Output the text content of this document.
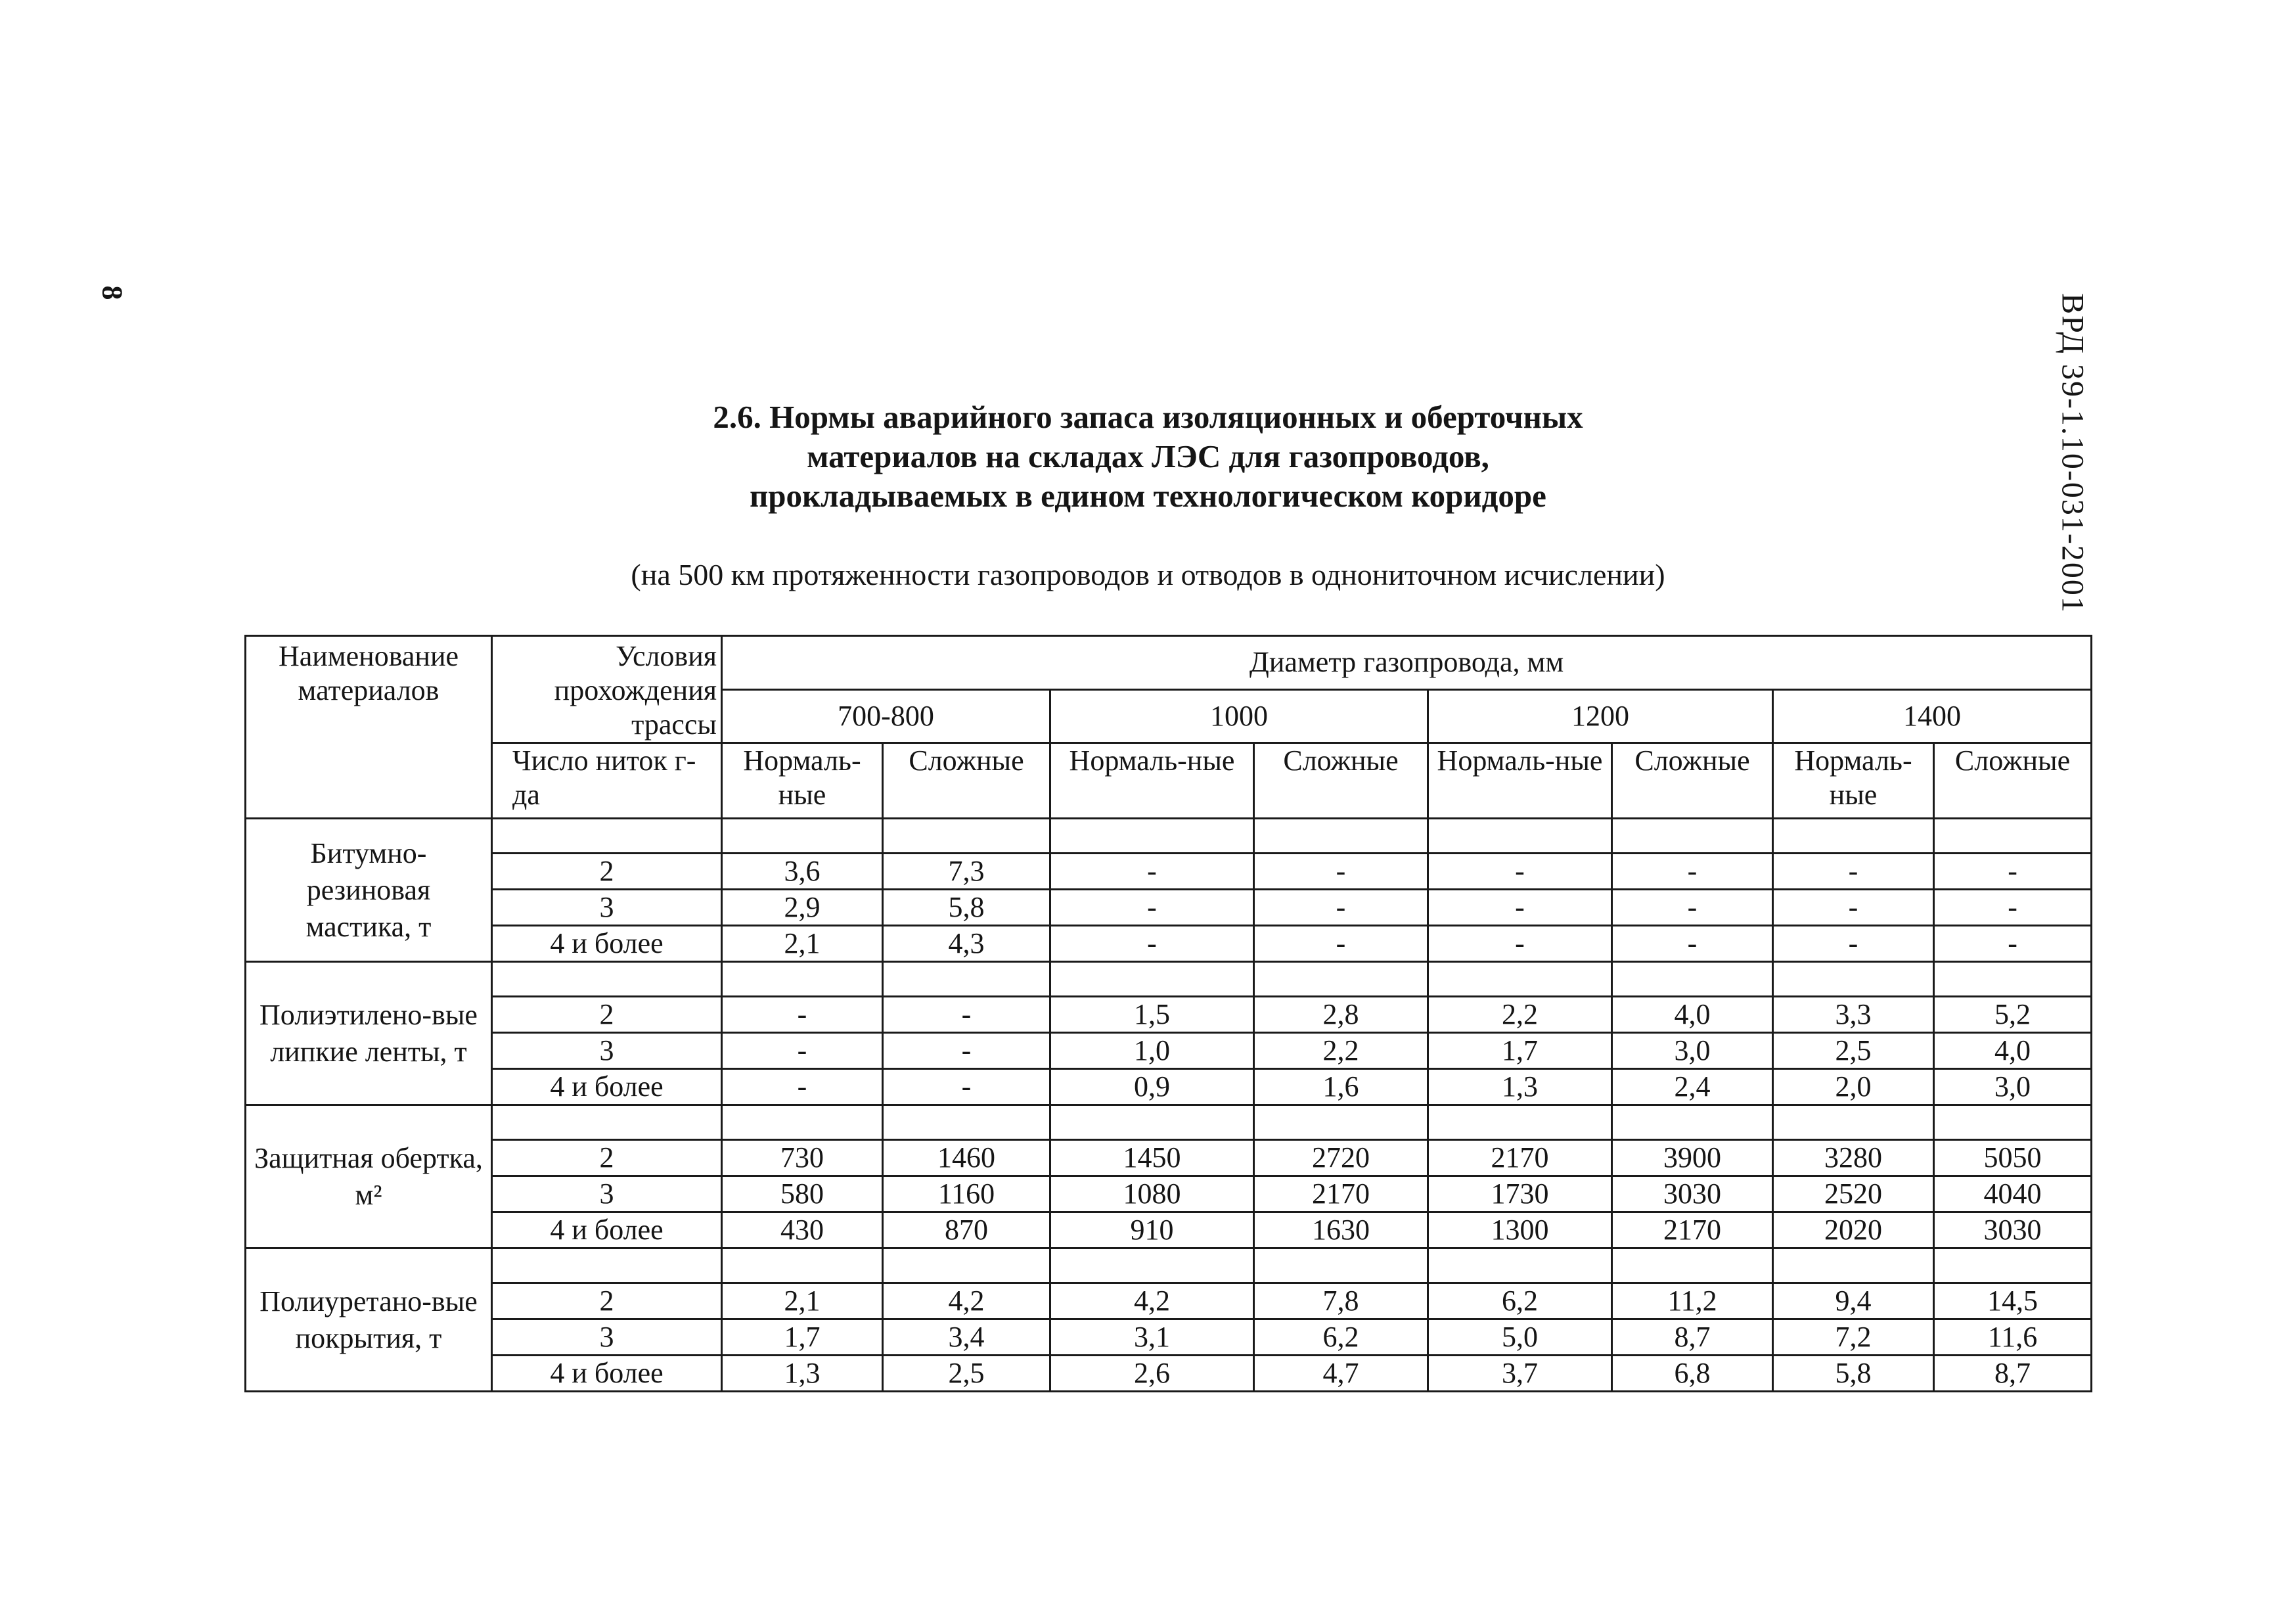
8
ВРД 39-1.10-031-2001
2.6. Нормы аварийного запаса изоляционных и оберточных
материалов на складах ЛЭС для газопроводов,
прокладываемых в едином технологическом коридоре
(на 500 км протяженности газопроводов и отводов в однониточном исчислении)
Наименование материалов	Условия прохождения трассы	Диаметр газопровода, мм							
		700-800		1000		1200		1400	
	Число ниток г-да	Нормаль-ные	Сложные	Нормаль-ные	Сложные	Нормаль-ные	Сложные	Нормаль-ные	Сложные
Битумно-резиновая мастика, т									
	2	3,6	7,3	-	-	-	-	-	-
	3	2,9	5,8	-	-	-	-	-	-
	4 и более	2,1	4,3	-	-	-	-	-	-
Полиэтилено-вые липкие ленты, т									
	2	-	-	1,5	2,8	2,2	4,0	3,3	5,2
	3	-	-	1,0	2,2	1,7	3,0	2,5	4,0
	4 и более	-	-	0,9	1,6	1,3	2,4	2,0	3,0
Защитная обертка, м²									
	2	730	1460	1450	2720	2170	3900	3280	5050
	3	580	1160	1080	2170	1730	3030	2520	4040
	4 и более	430	870	910	1630	1300	2170	2020	3030
Полиуретано-вые покрытия, т									
	2	2,1	4,2	4,2	7,8	6,2	11,2	9,4	14,5
	3	1,7	3,4	3,1	6,2	5,0	8,7	7,2	11,6
	4 и более	1,3	2,5	2,6	4,7	3,7	6,8	5,8	8,7
